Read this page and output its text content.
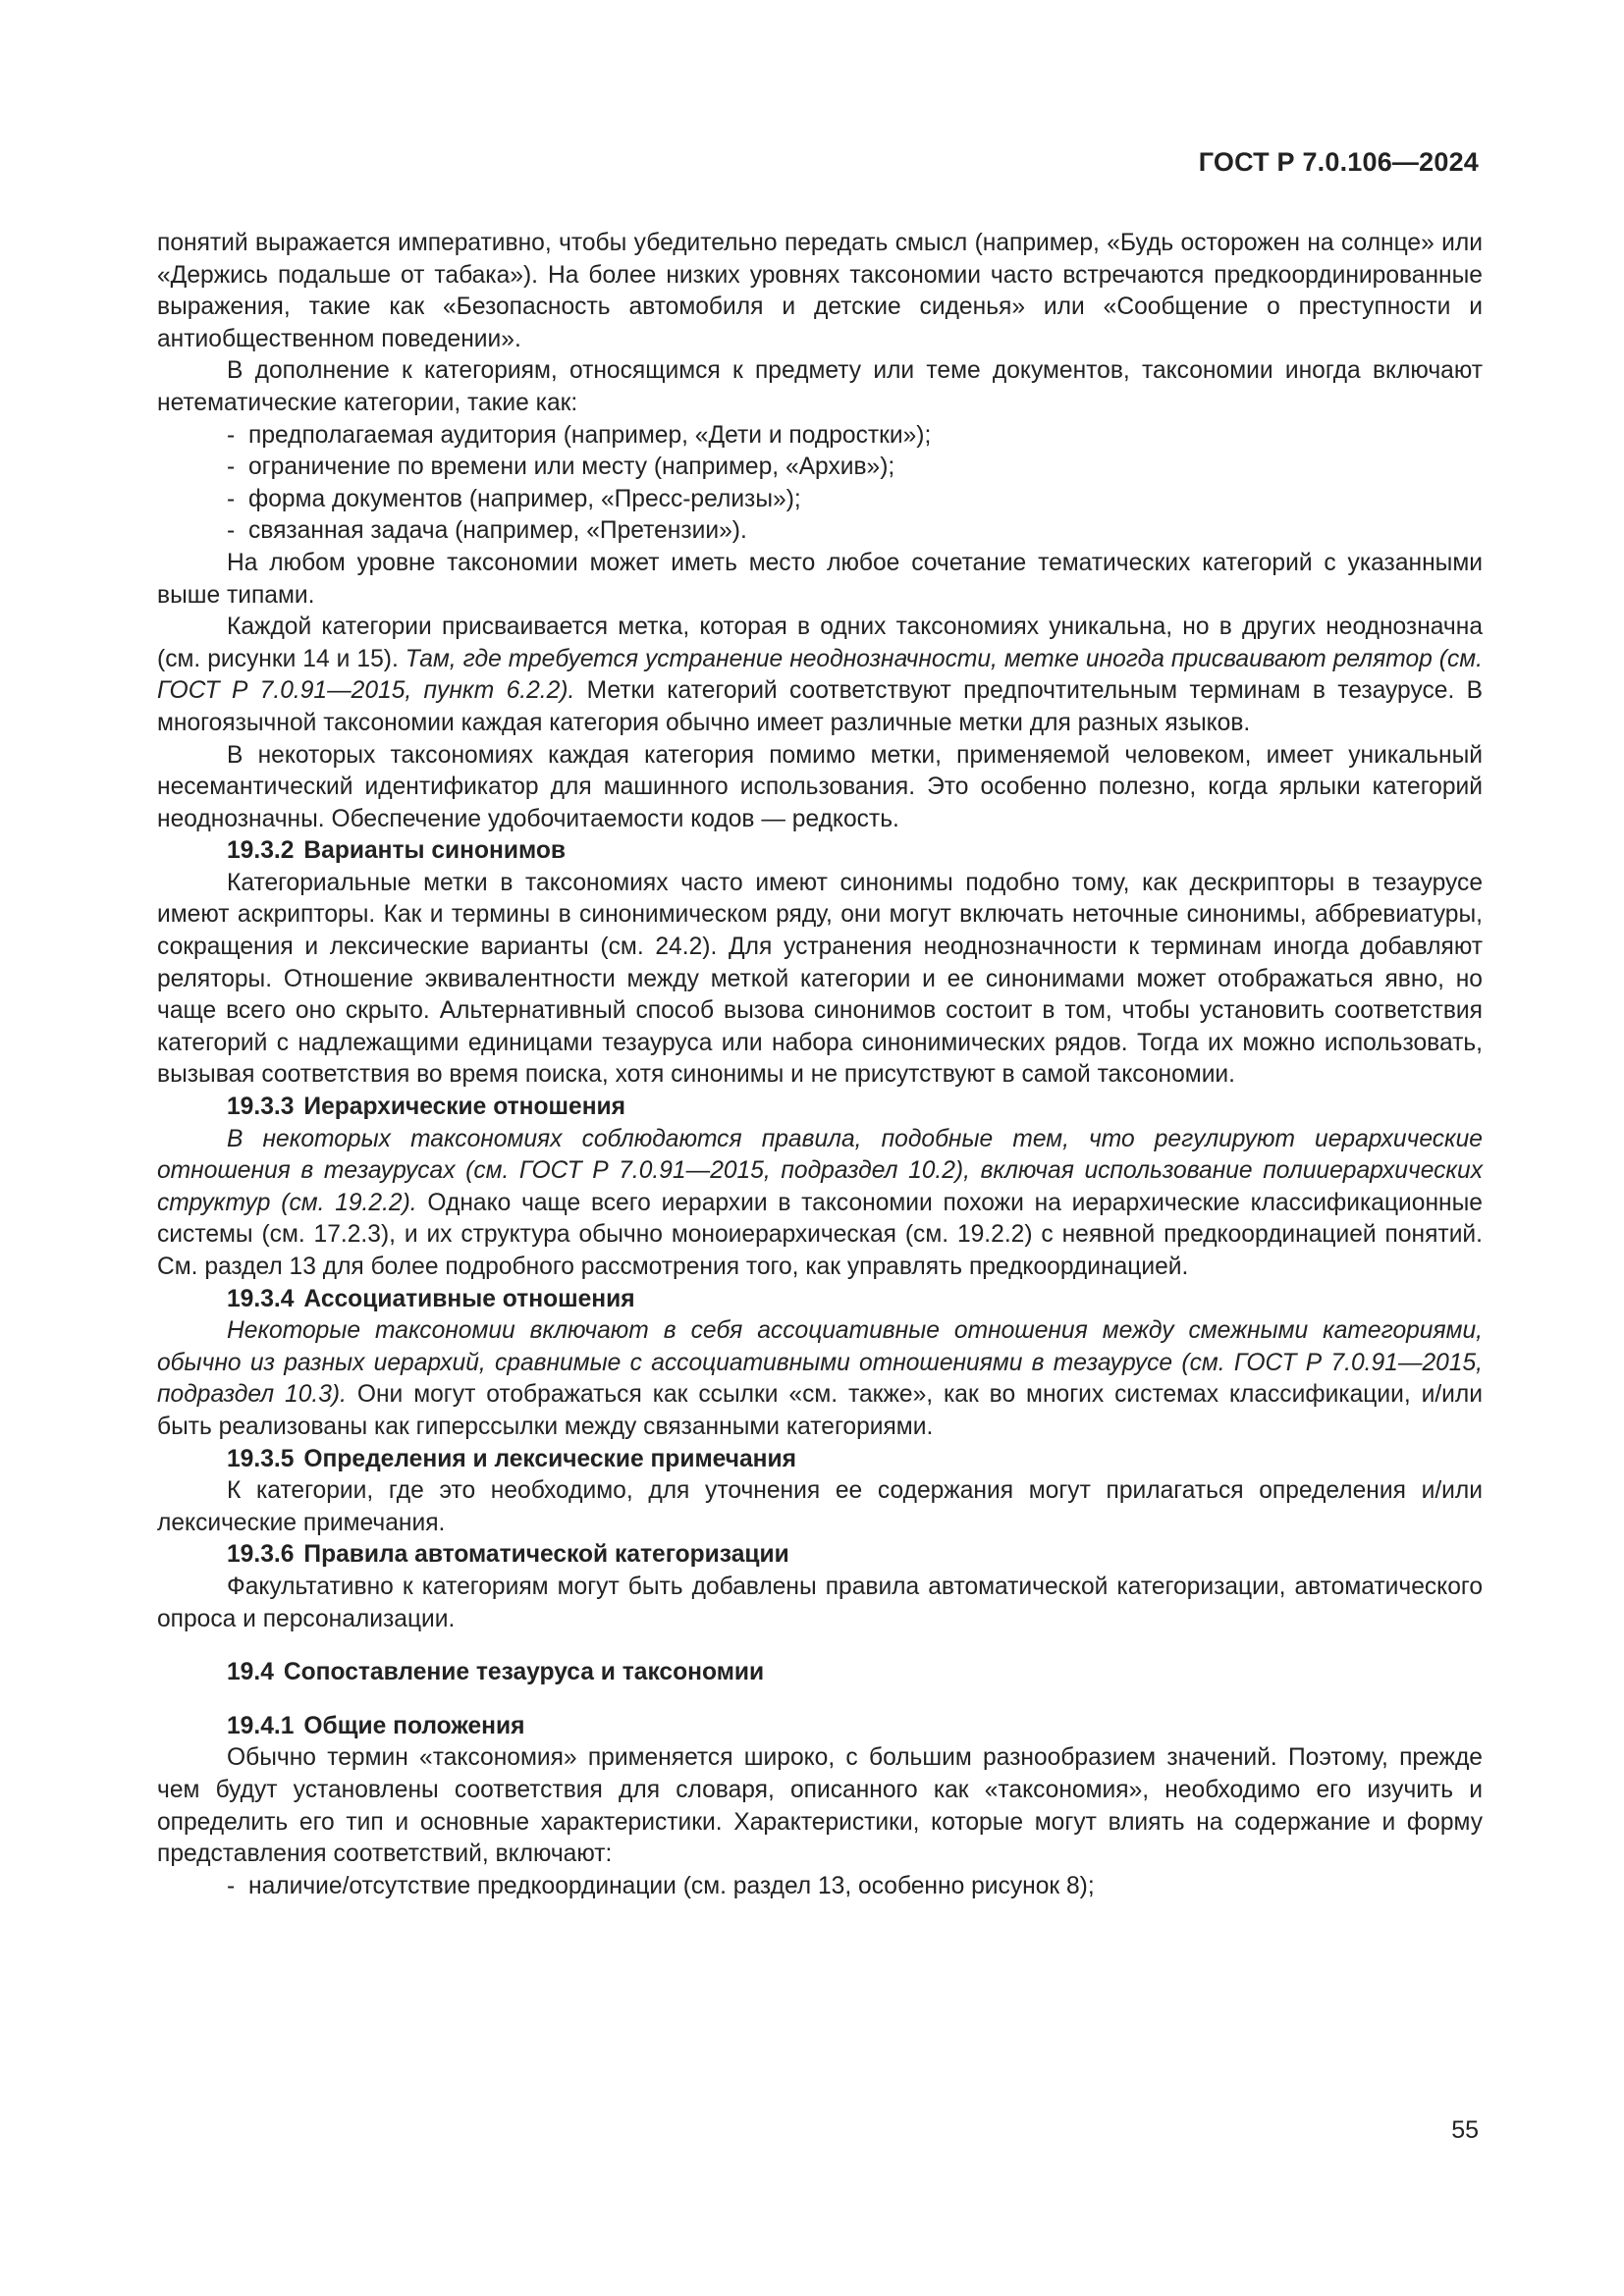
ГОСТ Р 7.0.106—2024

понятий выражается императивно, чтобы убедительно передать смысл (например, «Будь осторожен на солнце» или «Держись подальше от табака»). На более низких уровнях таксономии часто встречаются предкоординированные выражения, такие как «Безопасность автомобиля и детские сиденья» или «Сообщение о преступности и антиобщественном поведении».

В дополнение к категориям, относящимся к предмету или теме документов, таксономии иногда включают нетематические категории, такие как:

- предполагаемая аудитория (например, «Дети и подростки»);

- ограничение по времени или месту (например, «Архив»);

- форма документов (например, «Пресс-релизы»);

- связанная задача (например, «Претензии»).

На любом уровне таксономии может иметь место любое сочетание тематических категорий с указанными выше типами.

Каждой категории присваивается метка, которая в одних таксономиях уникальна, но в других неоднозначна (см. рисунки 14 и 15). Там, где требуется устранение неоднозначности, метке иногда присваивают релятор (см. ГОСТ Р 7.0.91—2015, пункт 6.2.2). Метки категорий соответствуют предпочтительным терминам в тезаурусе. В многоязычной таксономии каждая категория обычно имеет различные метки для разных языков.

В некоторых таксономиях каждая категория помимо метки, применяемой человеком, имеет уникальный несемантический идентификатор для машинного использования. Это особенно полезно, когда ярлыки категорий неоднозначны. Обеспечение удобочитаемости кодов — редкость.

19.3.2 Варианты синонимов

Категориальные метки в таксономиях часто имеют синонимы подобно тому, как дескрипторы в тезаурусе имеют аскрипторы. Как и термины в синонимическом ряду, они могут включать неточные синонимы, аббревиатуры, сокращения и лексические варианты (см. 24.2). Для устранения неоднозначности к терминам иногда добавляют реляторы. Отношение эквивалентности между меткой категории и ее синонимами может отображаться явно, но чаще всего оно скрыто. Альтернативный способ вызова синонимов состоит в том, чтобы установить соответствия категорий с надлежащими единицами тезауруса или набора синонимических рядов. Тогда их можно использовать, вызывая соответствия во время поиска, хотя синонимы и не присутствуют в самой таксономии.

19.3.3 Иерархические отношения

В некоторых таксономиях соблюдаются правила, подобные тем, что регулируют иерархические отношения в тезаурусах (см. ГОСТ Р 7.0.91—2015, подраздел 10.2), включая использование полииерархических структур (см. 19.2.2). Однако чаще всего иерархии в таксономии похожи на иерархические классификационные системы (см. 17.2.3), и их структура обычно моноиерархическая (см. 19.2.2) с неявной предкоординацией понятий. См. раздел 13 для более подробного рассмотрения того, как управлять предкоординацией.

19.3.4 Ассоциативные отношения

Некоторые таксономии включают в себя ассоциативные отношения между смежными категориями, обычно из разных иерархий, сравнимые с ассоциативными отношениями в тезаурусе (см. ГОСТ Р 7.0.91—2015, подраздел 10.3). Они могут отображаться как ссылки «см. также», как во многих системах классификации, и/или быть реализованы как гиперссылки между связанными категориями.

19.3.5 Определения и лексические примечания

К категории, где это необходимо, для уточнения ее содержания могут прилагаться определения и/или лексические примечания.

19.3.6 Правила автоматической категоризации

Факультативно к категориям могут быть добавлены правила автоматической категоризации, автоматического опроса и персонализации.

19.4 Сопоставление тезауруса и таксономии

19.4.1 Общие положения

Обычно термин «таксономия» применяется широко, с большим разнообразием значений. Поэтому, прежде чем будут установлены соответствия для словаря, описанного как «таксономия», необходимо его изучить и определить его тип и основные характеристики. Характеристики, которые могут влиять на содержание и форму представления соответствий, включают:

- наличие/отсутствие предкоординации (см. раздел 13, особенно рисунок 8);

55
